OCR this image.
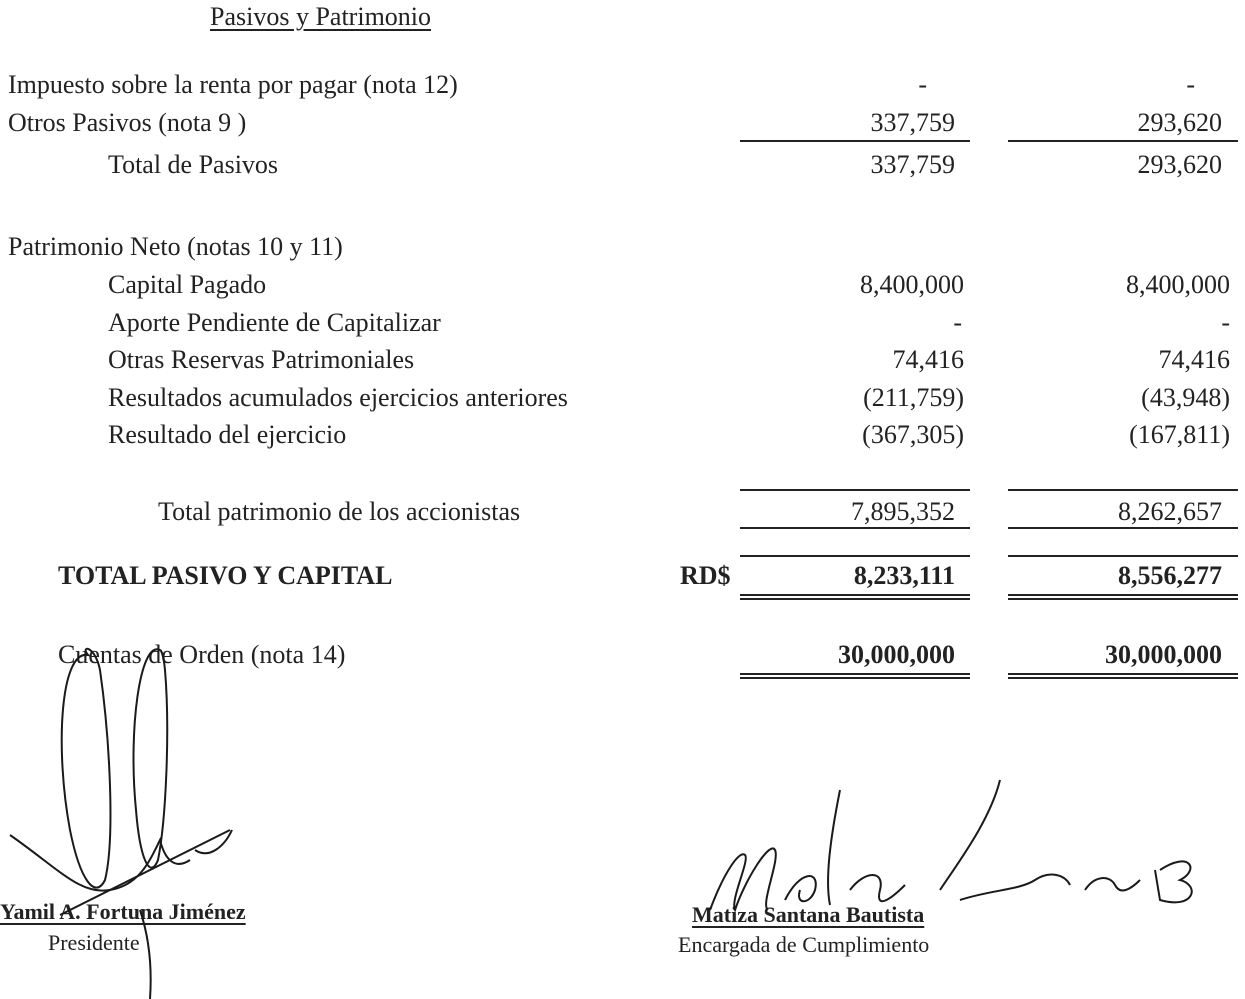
Pasivos y Patrimonio
Impuesto sobre la renta por pagar (nota 12)	-	-
Otros Pasivos (nota 9 )	337,759	293,620
Total de Pasivos	337,759	293,620
Patrimonio Neto (notas 10 y 11)
Capital Pagado	8,400,000	8,400,000
Aporte Pendiente de Capitalizar	-	-
Otras Reservas Patrimoniales	74,416	74,416
Resultados acumulados ejercicios anteriores	(211,759)	(43,948)
Resultado del ejercicio	(367,305)	(167,811)
Total patrimonio de los accionistas	7,895,352	8,262,657
TOTAL PASIVO Y CAPITAL	RD$	8,233,111	8,556,277
Cuentas de Orden (nota 14)	30,000,000	30,000,000
Yamil A. Fortuna Jiménez
Presidente
Matiza Santana Bautista
Encargada de Cumplimiento
